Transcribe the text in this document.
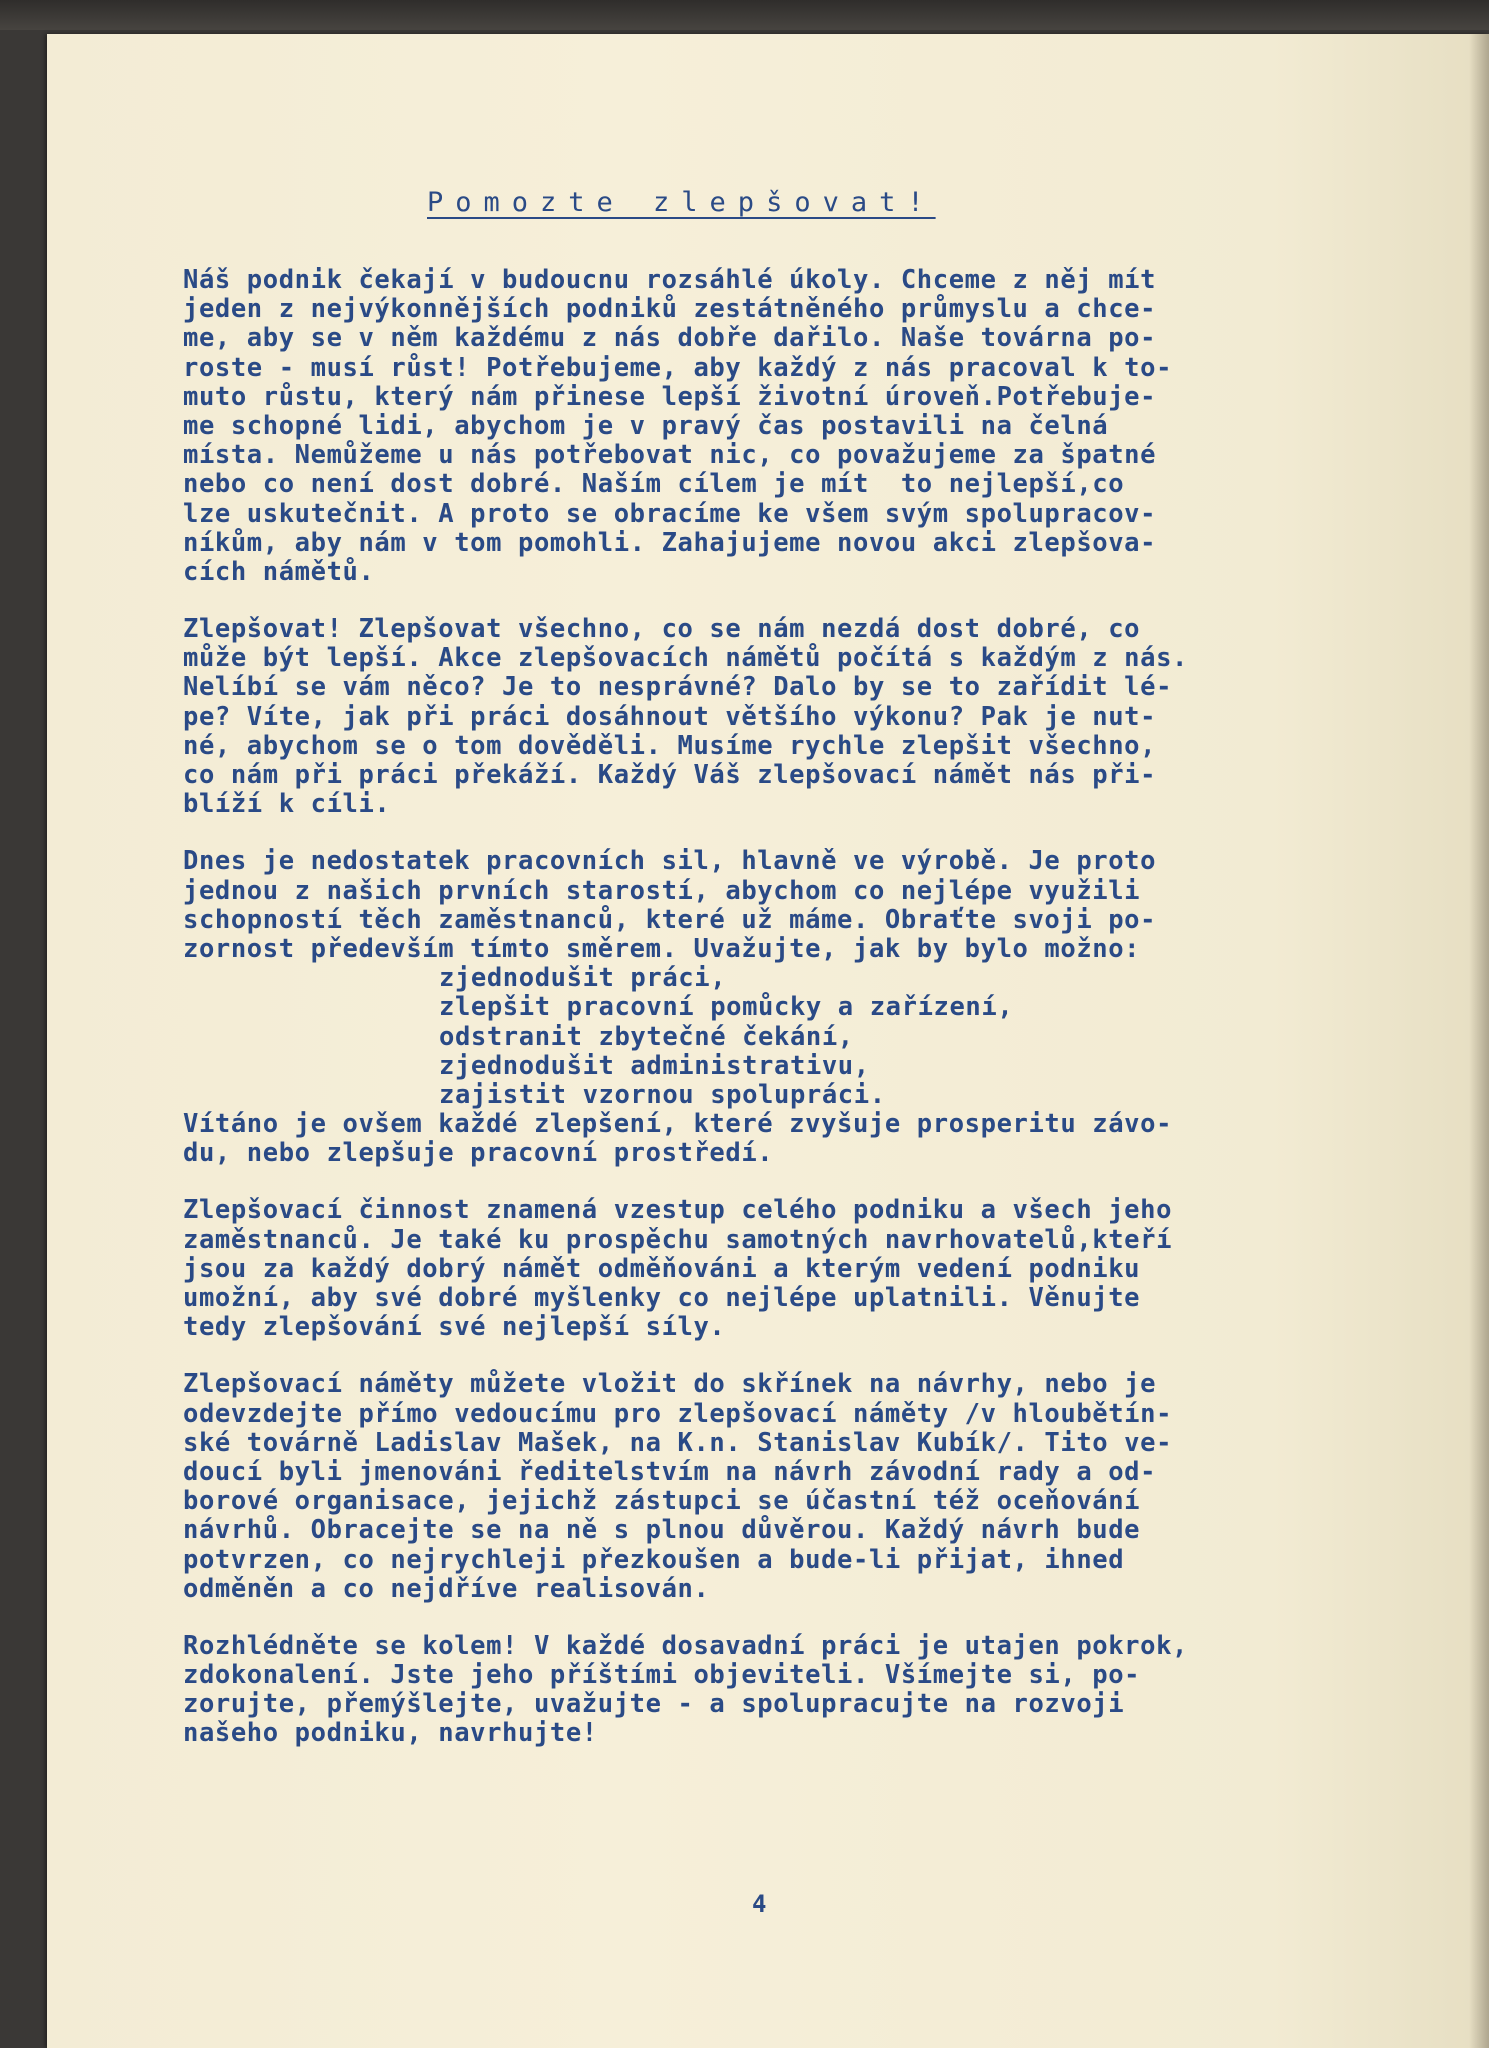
Pomozte zlepšovat!
Náš podnik čekají v budoucnu rozsáhlé úkoly. Chceme z něj mít
jeden z nejvýkonnějších podniků zestátněného průmyslu a chce-
me, aby se v něm každému z nás dobře dařilo. Naše továrna po-
roste - musí růst! Potřebujeme, aby každý z nás pracoval k to-
muto růstu, který nám přinese lepší životní úroveň.Potřebuje-
me schopné lidi, abychom je v pravý čas postavili na čelná
místa. Nemůžeme u nás potřebovat nic, co považujeme za špatné
nebo co není dost dobré. Naším cílem je mít  to nejlepší,co
lze uskutečnit. A proto se obracíme ke všem svým spolupracov-
níkům, aby nám v tom pomohli. Zahajujeme novou akci zlepšova-
cích námětů.
Zlepšovat! Zlepšovat všechno, co se nám nezdá dost dobré, co
může být lepší. Akce zlepšovacích námětů počítá s každým z nás.
Nelíbí se vám něco? Je to nesprávné? Dalo by se to zařídit lé-
pe? Víte, jak při práci dosáhnout většího výkonu? Pak je nut-
né, abychom se o tom dověděli. Musíme rychle zlepšit všechno,
co nám při práci překáží. Každý Váš zlepšovací námět nás při-
blíží k cíli.
Dnes je nedostatek pracovních sil, hlavně ve výrobě. Je proto
jednou z našich prvních starostí, abychom co nejlépe využili
schopností těch zaměstnanců, které už máme. Obraťte svoji po-
zornost především tímto směrem. Uvažujte, jak by bylo možno:
zjednodušit práci,
zlepšit pracovní pomůcky a zařízení,
odstranit zbytečné čekání,
zjednodušit administrativu,
zajistit vzornou spolupráci.
Vítáno je ovšem každé zlepšení, které zvyšuje prosperitu závo-
du, nebo zlepšuje pracovní prostředí.
Zlepšovací činnost znamená vzestup celého podniku a všech jeho
zaměstnanců. Je také ku prospěchu samotných navrhovatelů,kteří
jsou za každý dobrý námět odměňováni a kterým vedení podniku
umožní, aby své dobré myšlenky co nejlépe uplatnili. Věnujte
tedy zlepšování své nejlepší síly.
Zlepšovací náměty můžete vložit do skřínek na návrhy, nebo je
odevzdejte přímo vedoucímu pro zlepšovací náměty /v hloubětín-
ské továrně Ladislav Mašek, na K.n. Stanislav Kubík/. Tito ve-
doucí byli jmenováni ředitelstvím na návrh závodní rady a od-
borové organisace, jejichž zástupci se účastní též oceňování
návrhů. Obracejte se na ně s plnou důvěrou. Každý návrh bude
potvrzen, co nejrychleji přezkoušen a bude-li přijat, ihned
odměněn a co nejdříve realisován.
Rozhlédněte se kolem! V každé dosavadní práci je utajen pokrok,
zdokonalení. Jste jeho příštími objeviteli. Všímejte si, po-
zorujte, přemýšlejte, uvažujte - a spolupracujte na rozvoji
našeho podniku, navrhujte!
4
